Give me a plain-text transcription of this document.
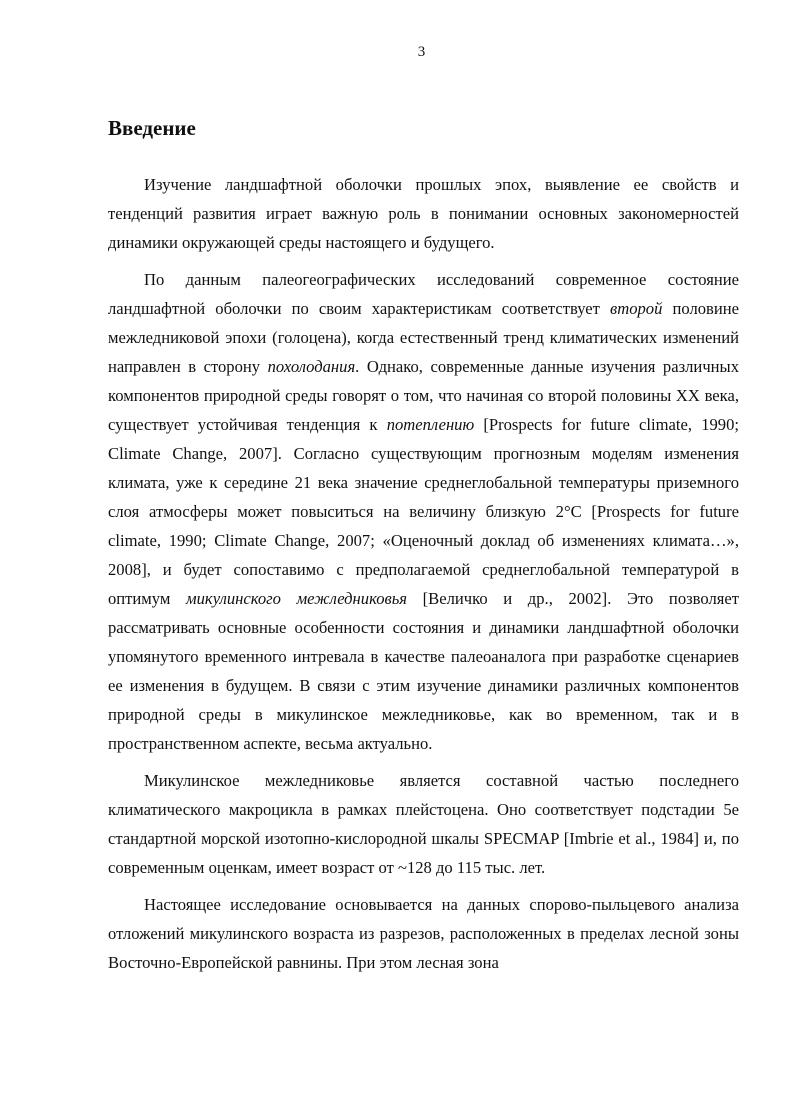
3
Введение

Изучение ландшафтной оболочки прошлых эпох, выявление ее свойств и тенденций развития играет важную роль в понимании основных закономерностей динамики окружающей среды настоящего и будущего.

По данным палеогеографических исследований современное состояние ландшафтной оболочки по своим характеристикам соответствует второй половине межледниковой эпохи (голоцена), когда естественный тренд климатических изменений направлен в сторону похолодания. Однако, современные данные изучения различных компонентов природной среды говорят о том, что начиная со второй половины XX века, существует устойчивая тенденция к потеплению [Prospects for future climate, 1990; Climate Change, 2007]. Согласно существующим прогнозным моделям изменения климата, уже к середине 21 века значение среднеглобальной температуры приземного слоя атмосферы может повыситься на величину близкую 2°С [Prospects for future climate, 1990; Climate Change, 2007; «Оценочный доклад об изменениях климата…», 2008], и будет сопоставимо с предполагаемой среднеглобальной температурой в оптимум микулинского межледниковья [Величко и др., 2002]. Это позволяет рассматривать основные особенности состояния и динамики ландшафтной оболочки упомянутого временного интревала в качестве палеоаналога при разработке сценариев ее изменения в будущем. В связи с этим изучение динамики различных компонентов природной среды в микулинское межледниковье, как во временном, так и в пространственном аспекте, весьма актуально.

Микулинское межледниковье является составной частью последнего климатического макроцикла в рамках плейстоцена. Оно соответствует подстадии 5е стандартной морской изотопно-кислородной шкалы SPECMAP [Imbrie et al., 1984] и, по современным оценкам, имеет возраст от ~128 до 115 тыс. лет.

Настоящее исследование основывается на данных спорово-пыльцевого анализа отложений микулинского возраста из разрезов, расположенных в пределах лесной зоны Восточно-Европейской равнины. При этом лесная зона
